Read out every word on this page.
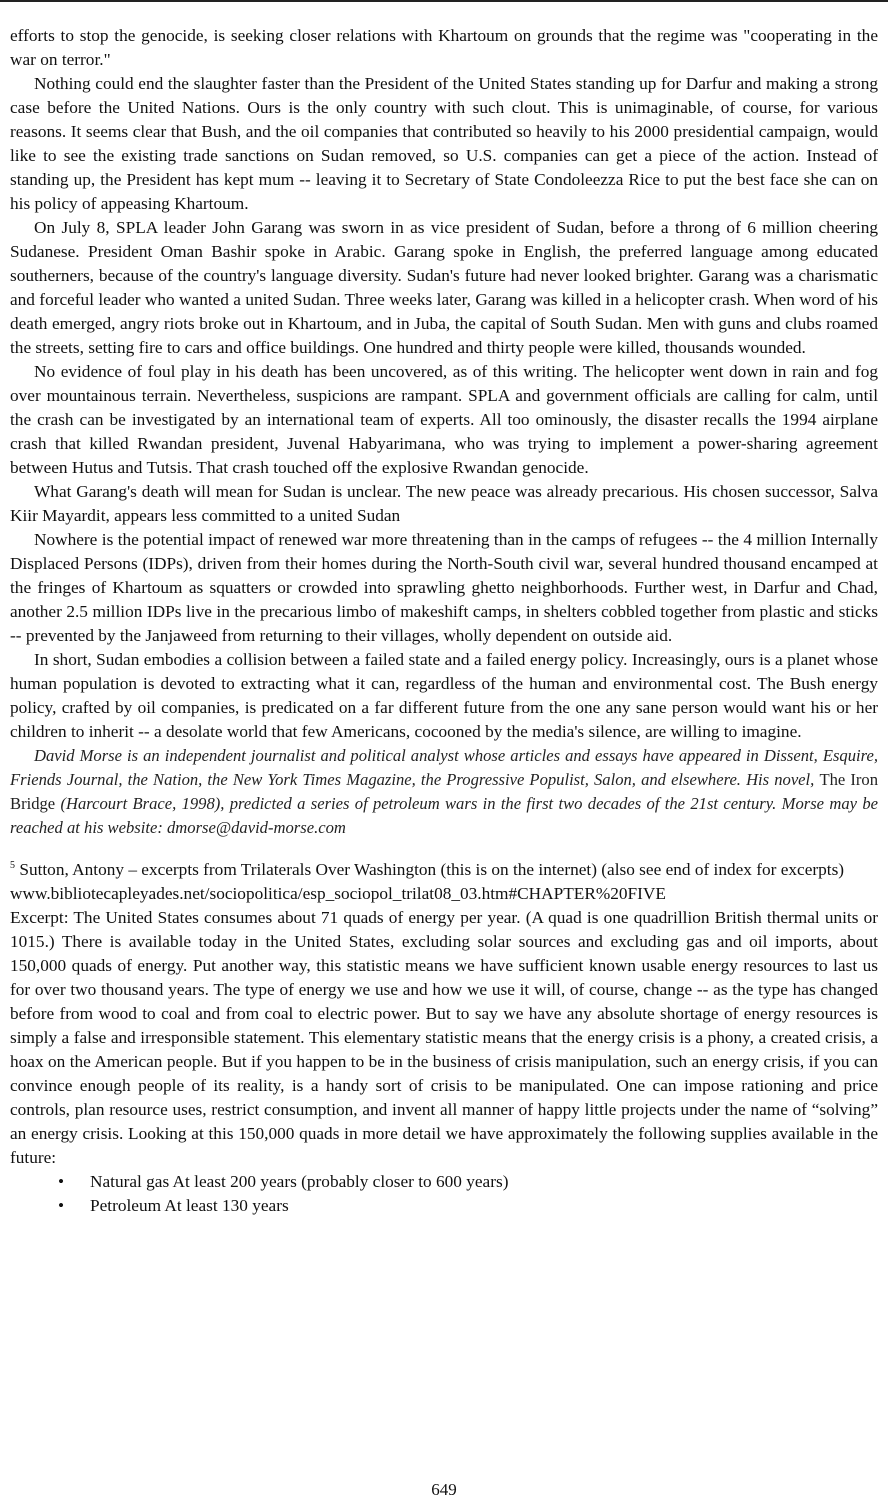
efforts to stop the genocide, is seeking closer relations with Khartoum on grounds that the regime was "cooperating in the war on terror."

Nothing could end the slaughter faster than the President of the United States standing up for Darfur and making a strong case before the United Nations. Ours is the only country with such clout. This is unimaginable, of course, for various reasons. It seems clear that Bush, and the oil companies that contributed so heavily to his 2000 presidential campaign, would like to see the existing trade sanctions on Sudan removed, so U.S. companies can get a piece of the action. Instead of standing up, the President has kept mum -- leaving it to Secretary of State Condoleezza Rice to put the best face she can on his policy of appeasing Khartoum.

On July 8, SPLA leader John Garang was sworn in as vice president of Sudan, before a throng of 6 million cheering Sudanese. President Oman Bashir spoke in Arabic. Garang spoke in English, the preferred language among educated southerners, because of the country's language diversity. Sudan's future had never looked brighter. Garang was a charismatic and forceful leader who wanted a united Sudan. Three weeks later, Garang was killed in a helicopter crash. When word of his death emerged, angry riots broke out in Khartoum, and in Juba, the capital of South Sudan. Men with guns and clubs roamed the streets, setting fire to cars and office buildings. One hundred and thirty people were killed, thousands wounded.

No evidence of foul play in his death has been uncovered, as of this writing. The helicopter went down in rain and fog over mountainous terrain. Nevertheless, suspicions are rampant. SPLA and government officials are calling for calm, until the crash can be investigated by an international team of experts. All too ominously, the disaster recalls the 1994 airplane crash that killed Rwandan president, Juvenal Habyarimana, who was trying to implement a power-sharing agreement between Hutus and Tutsis. That crash touched off the explosive Rwandan genocide.

What Garang's death will mean for Sudan is unclear. The new peace was already precarious. His chosen successor, Salva Kiir Mayardit, appears less committed to a united Sudan

Nowhere is the potential impact of renewed war more threatening than in the camps of refugees -- the 4 million Internally Displaced Persons (IDPs), driven from their homes during the North-South civil war, several hundred thousand encamped at the fringes of Khartoum as squatters or crowded into sprawling ghetto neighborhoods. Further west, in Darfur and Chad, another 2.5 million IDPs live in the precarious limbo of makeshift camps, in shelters cobbled together from plastic and sticks -- prevented by the Janjaweed from returning to their villages, wholly dependent on outside aid.

In short, Sudan embodies a collision between a failed state and a failed energy policy. Increasingly, ours is a planet whose human population is devoted to extracting what it can, regardless of the human and environmental cost. The Bush energy policy, crafted by oil companies, is predicated on a far different future from the one any sane person would want his or her children to inherit -- a desolate world that few Americans, cocooned by the media's silence, are willing to imagine.

David Morse is an independent journalist and political analyst whose articles and essays have appeared in Dissent, Esquire, Friends Journal, the Nation, the New York Times Magazine, the Progressive Populist, Salon, and elsewhere. His novel, The Iron Bridge (Harcourt Brace, 1998), predicted a series of petroleum wars in the first two decades of the 21st century. Morse may be reached at his website: dmorse@david-morse.com

$^5$ Sutton, Antony – excerpts from Trilaterals Over Washington (this is on the internet) (also see end of index for excerpts)

www.bibliotecapleyades.net/sociopolitica/esp_sociopol_trilat08_03.htm#CHAPTER%20FIVE

Excerpt: The United States consumes about 71 quads of energy per year. (A quad is one quadrillion British thermal units or 1015.) There is available today in the United States, excluding solar sources and excluding gas and oil imports, about 150,000 quads of energy. Put another way, this statistic means we have sufficient known usable energy resources to last us for over two thousand years. The type of energy we use and how we use it will, of course, change -- as the type has changed before from wood to coal and from coal to electric power. But to say we have any absolute shortage of energy resources is simply a false and irresponsible statement. This elementary statistic means that the energy crisis is a phony, a created crisis, a hoax on the American people. But if you happen to be in the business of crisis manipulation, such an energy crisis, if you can convince enough people of its reality, is a handy sort of crisis to be manipulated. One can impose rationing and price controls, plan resource uses, restrict consumption, and invent all manner of happy little projects under the name of “solving” an energy crisis. Looking at this 150,000 quads in more detail we have approximately the following supplies available in the future:

• Natural gas At least 200 years (probably closer to 600 years)
• Petroleum At least 130 years
649
